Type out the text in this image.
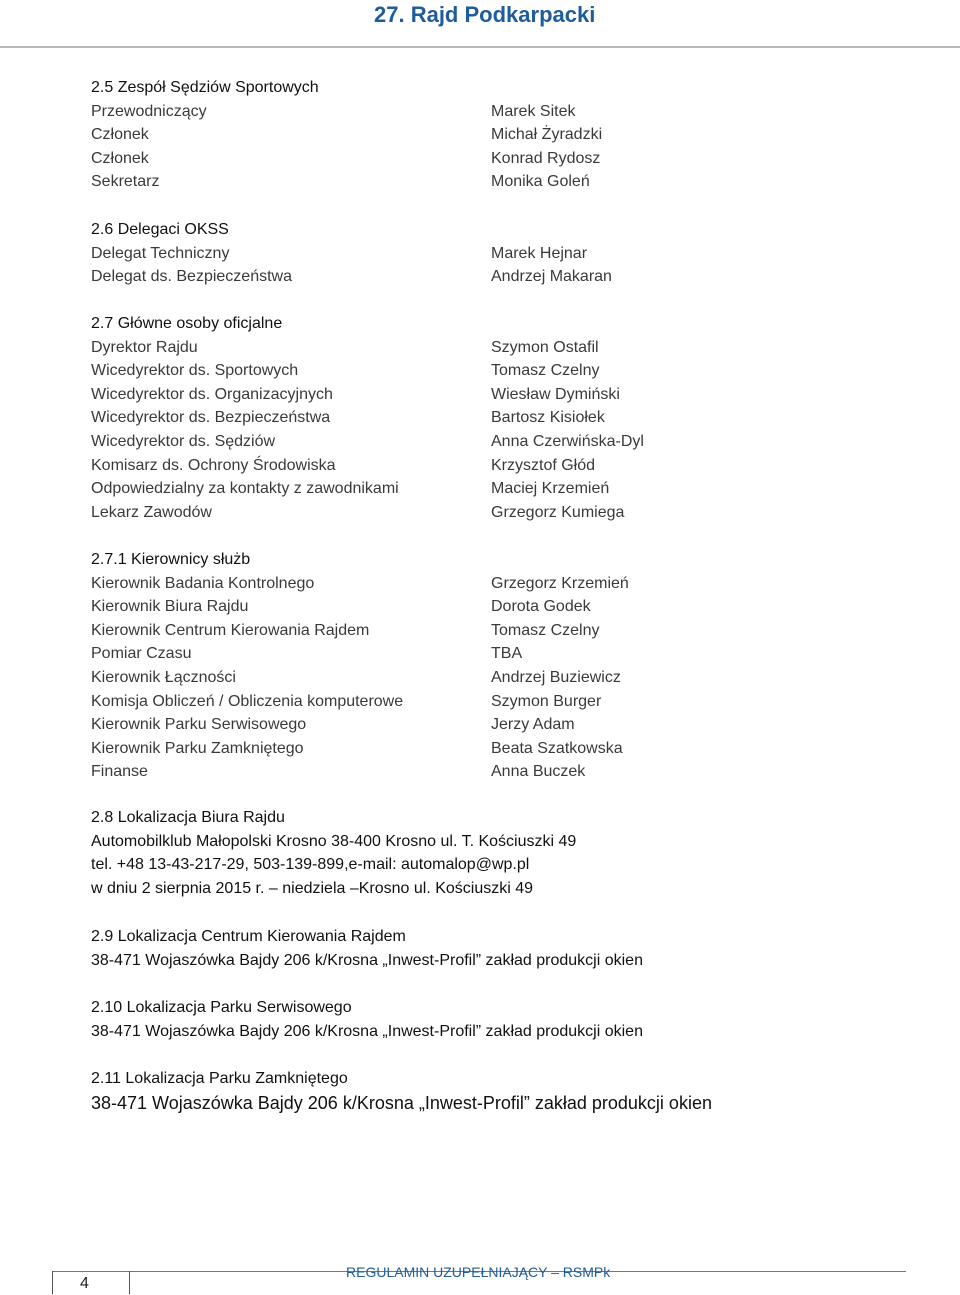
27. Rajd Podkarpacki
2.5 Zespół Sędziów Sportowych
Przewodniczący	Marek Sitek
Członek	Michał Żyradzki
Członek	Konrad Rydosz
Sekretarz	Monika Goleń
2.6 Delegaci OKSS
Delegat Techniczny	Marek Hejnar
Delegat ds. Bezpieczeństwa	Andrzej Makaran
2.7 Główne osoby oficjalne
Dyrektor Rajdu	Szymon Ostafil
Wicedyrektor ds. Sportowych	Tomasz Czelny
Wicedyrektor ds. Organizacyjnych	Wiesław Dymiński
Wicedyrektor ds. Bezpieczeństwa	Bartosz Kisiołek
Wicedyrektor ds. Sędziów	Anna Czerwińska-Dyl
Komisarz ds. Ochrony Środowiska	Krzysztof Głód
Odpowiedzialny za kontakty z zawodnikami	Maciej Krzemień
Lekarz Zawodów	Grzegorz Kumiega
2.7.1 Kierownicy służb
Kierownik Badania Kontrolnego	Grzegorz Krzemień
Kierownik Biura Rajdu	Dorota Godek
Kierownik Centrum Kierowania Rajdem	Tomasz Czelny
Pomiar Czasu	TBA
Kierownik Łączności	Andrzej Buziewicz
Komisja Obliczeń / Obliczenia komputerowe	Szymon Burger
Kierownik Parku Serwisowego	Jerzy Adam
Kierownik Parku Zamkniętego	Beata Szatkowska
Finanse	Anna Buczek
2.8 Lokalizacja Biura Rajdu
Automobilklub Małopolski Krosno 38-400 Krosno ul. T. Kościuszki 49
tel. +48 13-43-217-29, 503-139-899,e-mail: automalop@wp.pl
w dniu 2 sierpnia 2015 r. – niedziela –Krosno ul. Kościuszki 49
2.9 Lokalizacja Centrum Kierowania Rajdem
38-471 Wojaszówka Bajdy 206 k/Krosna „Inwest-Profil” zakład produkcji okien
2.10 Lokalizacja Parku Serwisowego
38-471 Wojaszówka Bajdy 206 k/Krosna „Inwest-Profil” zakład produkcji okien
2.11 Lokalizacja Parku Zamkniętego
38-471 Wojaszówka Bajdy 206 k/Krosna „Inwest-Profil” zakład produkcji okien
4
REGULAMIN UZUPEŁNIAJĄCY – RSMPk
